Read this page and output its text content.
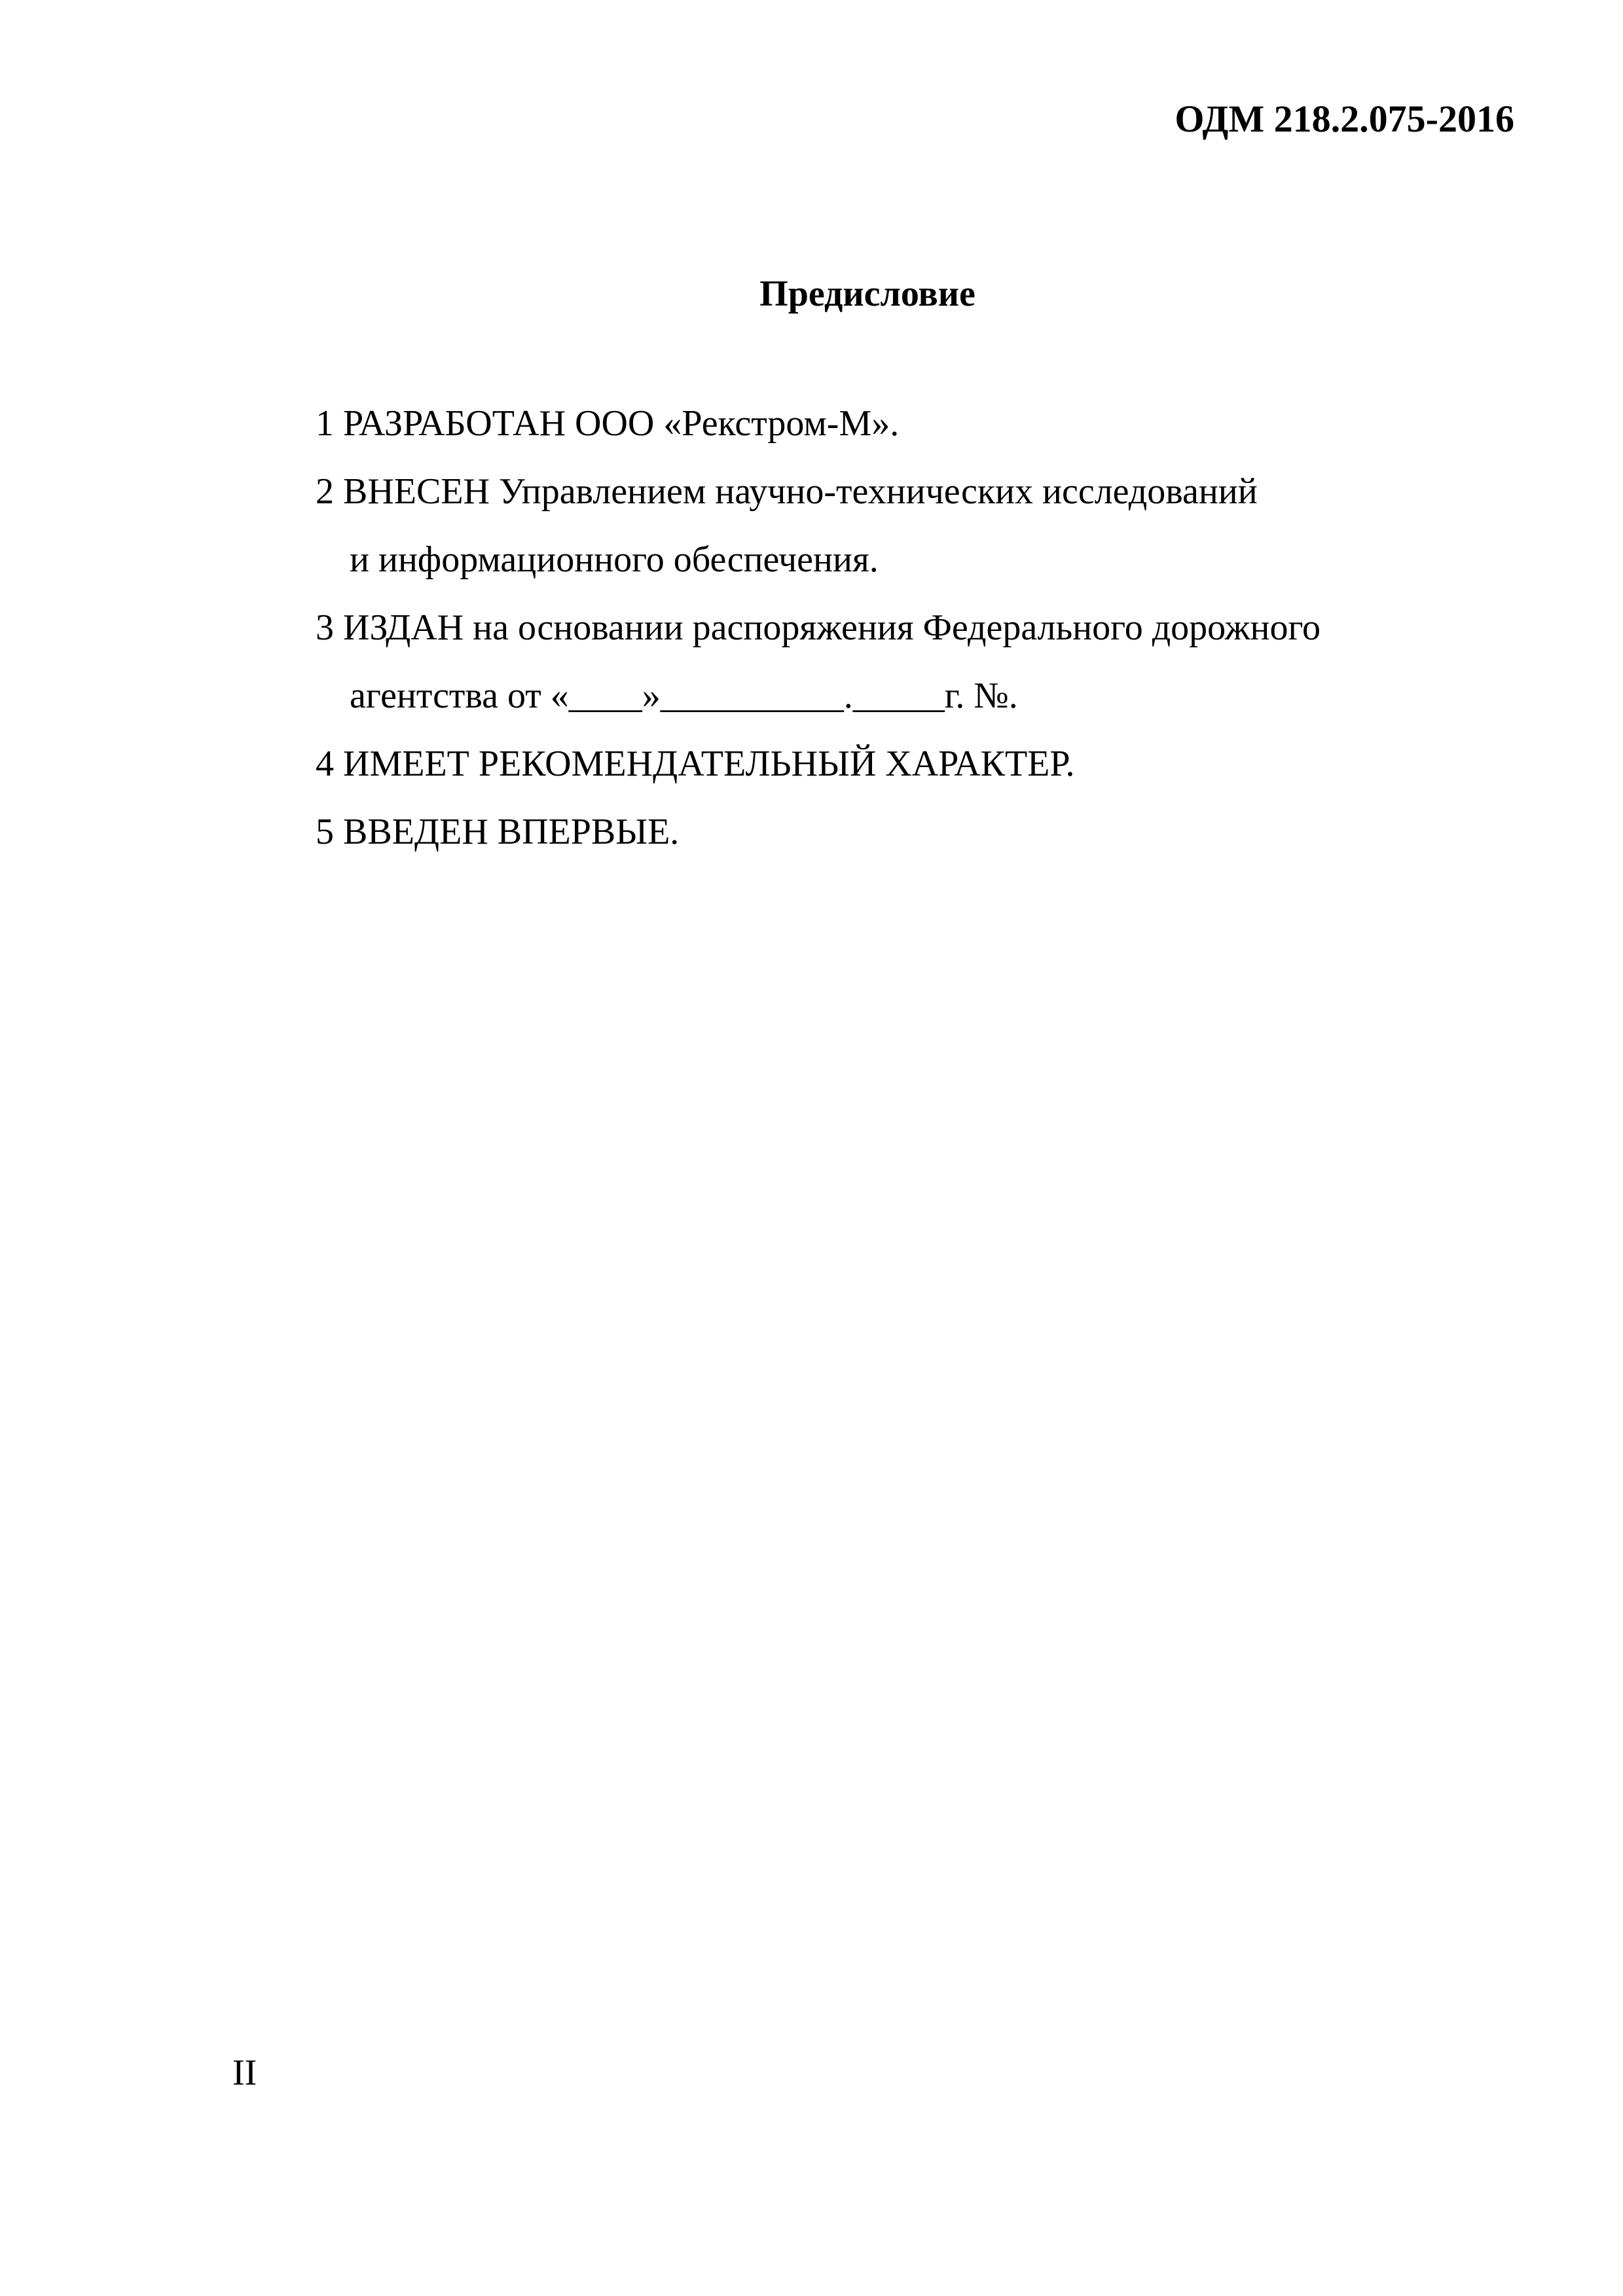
ОДМ 218.2.075-2016
Предисловие
1 РАЗРАБОТАН ООО «Рекстром-М».
2 ВНЕСЕН Управлением научно-технических исследований
и информационного обеспечения.
3 ИЗДАН на основании распоряжения Федерального дорожного
агентства от «____»__________._____г. №.
4 ИМЕЕТ РЕКОМЕНДАТЕЛЬНЫЙ ХАРАКТЕР.
5 ВВЕДЕН ВПЕРВЫЕ.
II
